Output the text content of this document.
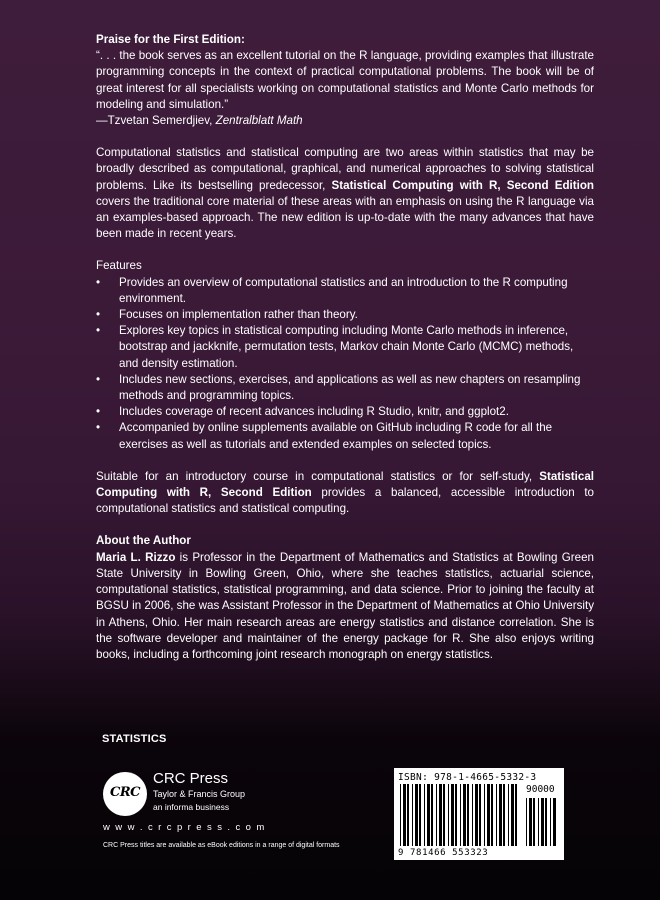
Praise for the First Edition:

“. . . the book serves as an excellent tutorial on the R language, providing examples that illustrate programming concepts in the context of practical computational problems. The book will be of great interest for all specialists working on computational statistics and Monte Carlo methods for modeling and simulation.”

—Tzvetan Semerdjiev, Zentralblatt Math

Computational statistics and statistical computing are two areas within statistics that may be broadly described as computational, graphical, and numerical approaches to solving statistical problems. Like its bestselling predecessor, Statistical Computing with R, Second Edition covers the traditional core material of these areas with an emphasis on using the R language via an examples-based approach. The new edition is up-to-date with the many advances that have been made in recent years.

Features

• Provides an overview of computational statistics and an introduction to the R computing environment.
• Focuses on implementation rather than theory.
• Explores key topics in statistical computing including Monte Carlo methods in inference, bootstrap and jackknife, permutation tests, Markov chain Monte Carlo (MCMC) methods, and density estimation.
• Includes new sections, exercises, and applications as well as new chapters on resampling methods and programming topics.
• Includes coverage of recent advances including R Studio, knitr, and ggplot2.
• Accompanied by online supplements available on GitHub including R code for all the exercises as well as tutorials and extended examples on selected topics.

Suitable for an introductory course in computational statistics or for self-study, Statistical Computing with R, Second Edition provides a balanced, accessible introduction to computational statistics and statistical computing.

About the Author

Maria L. Rizzo is Professor in the Department of Mathematics and Statistics at Bowling Green State University in Bowling Green, Ohio, where she teaches statistics, actuarial science, computational statistics, statistical programming, and data science. Prior to joining the faculty at BGSU in 2006, she was Assistant Professor in the Department of Mathematics at Ohio University in Athens, Ohio. Her main research areas are energy statistics and distance correlation. She is the software developer and maintainer of the energy package for R. She also enjoys writing books, including a forthcoming joint research monograph on energy statistics.

STATISTICS
CRC
CRC Press
Taylor & Francis Group
an informa business
w w w . c r c p r e s s . c o m
CRC Press titles are available as eBook editions in a range of digital formats
ISBN: 978-1-4665-5332-3
90000
9 781466 553323
